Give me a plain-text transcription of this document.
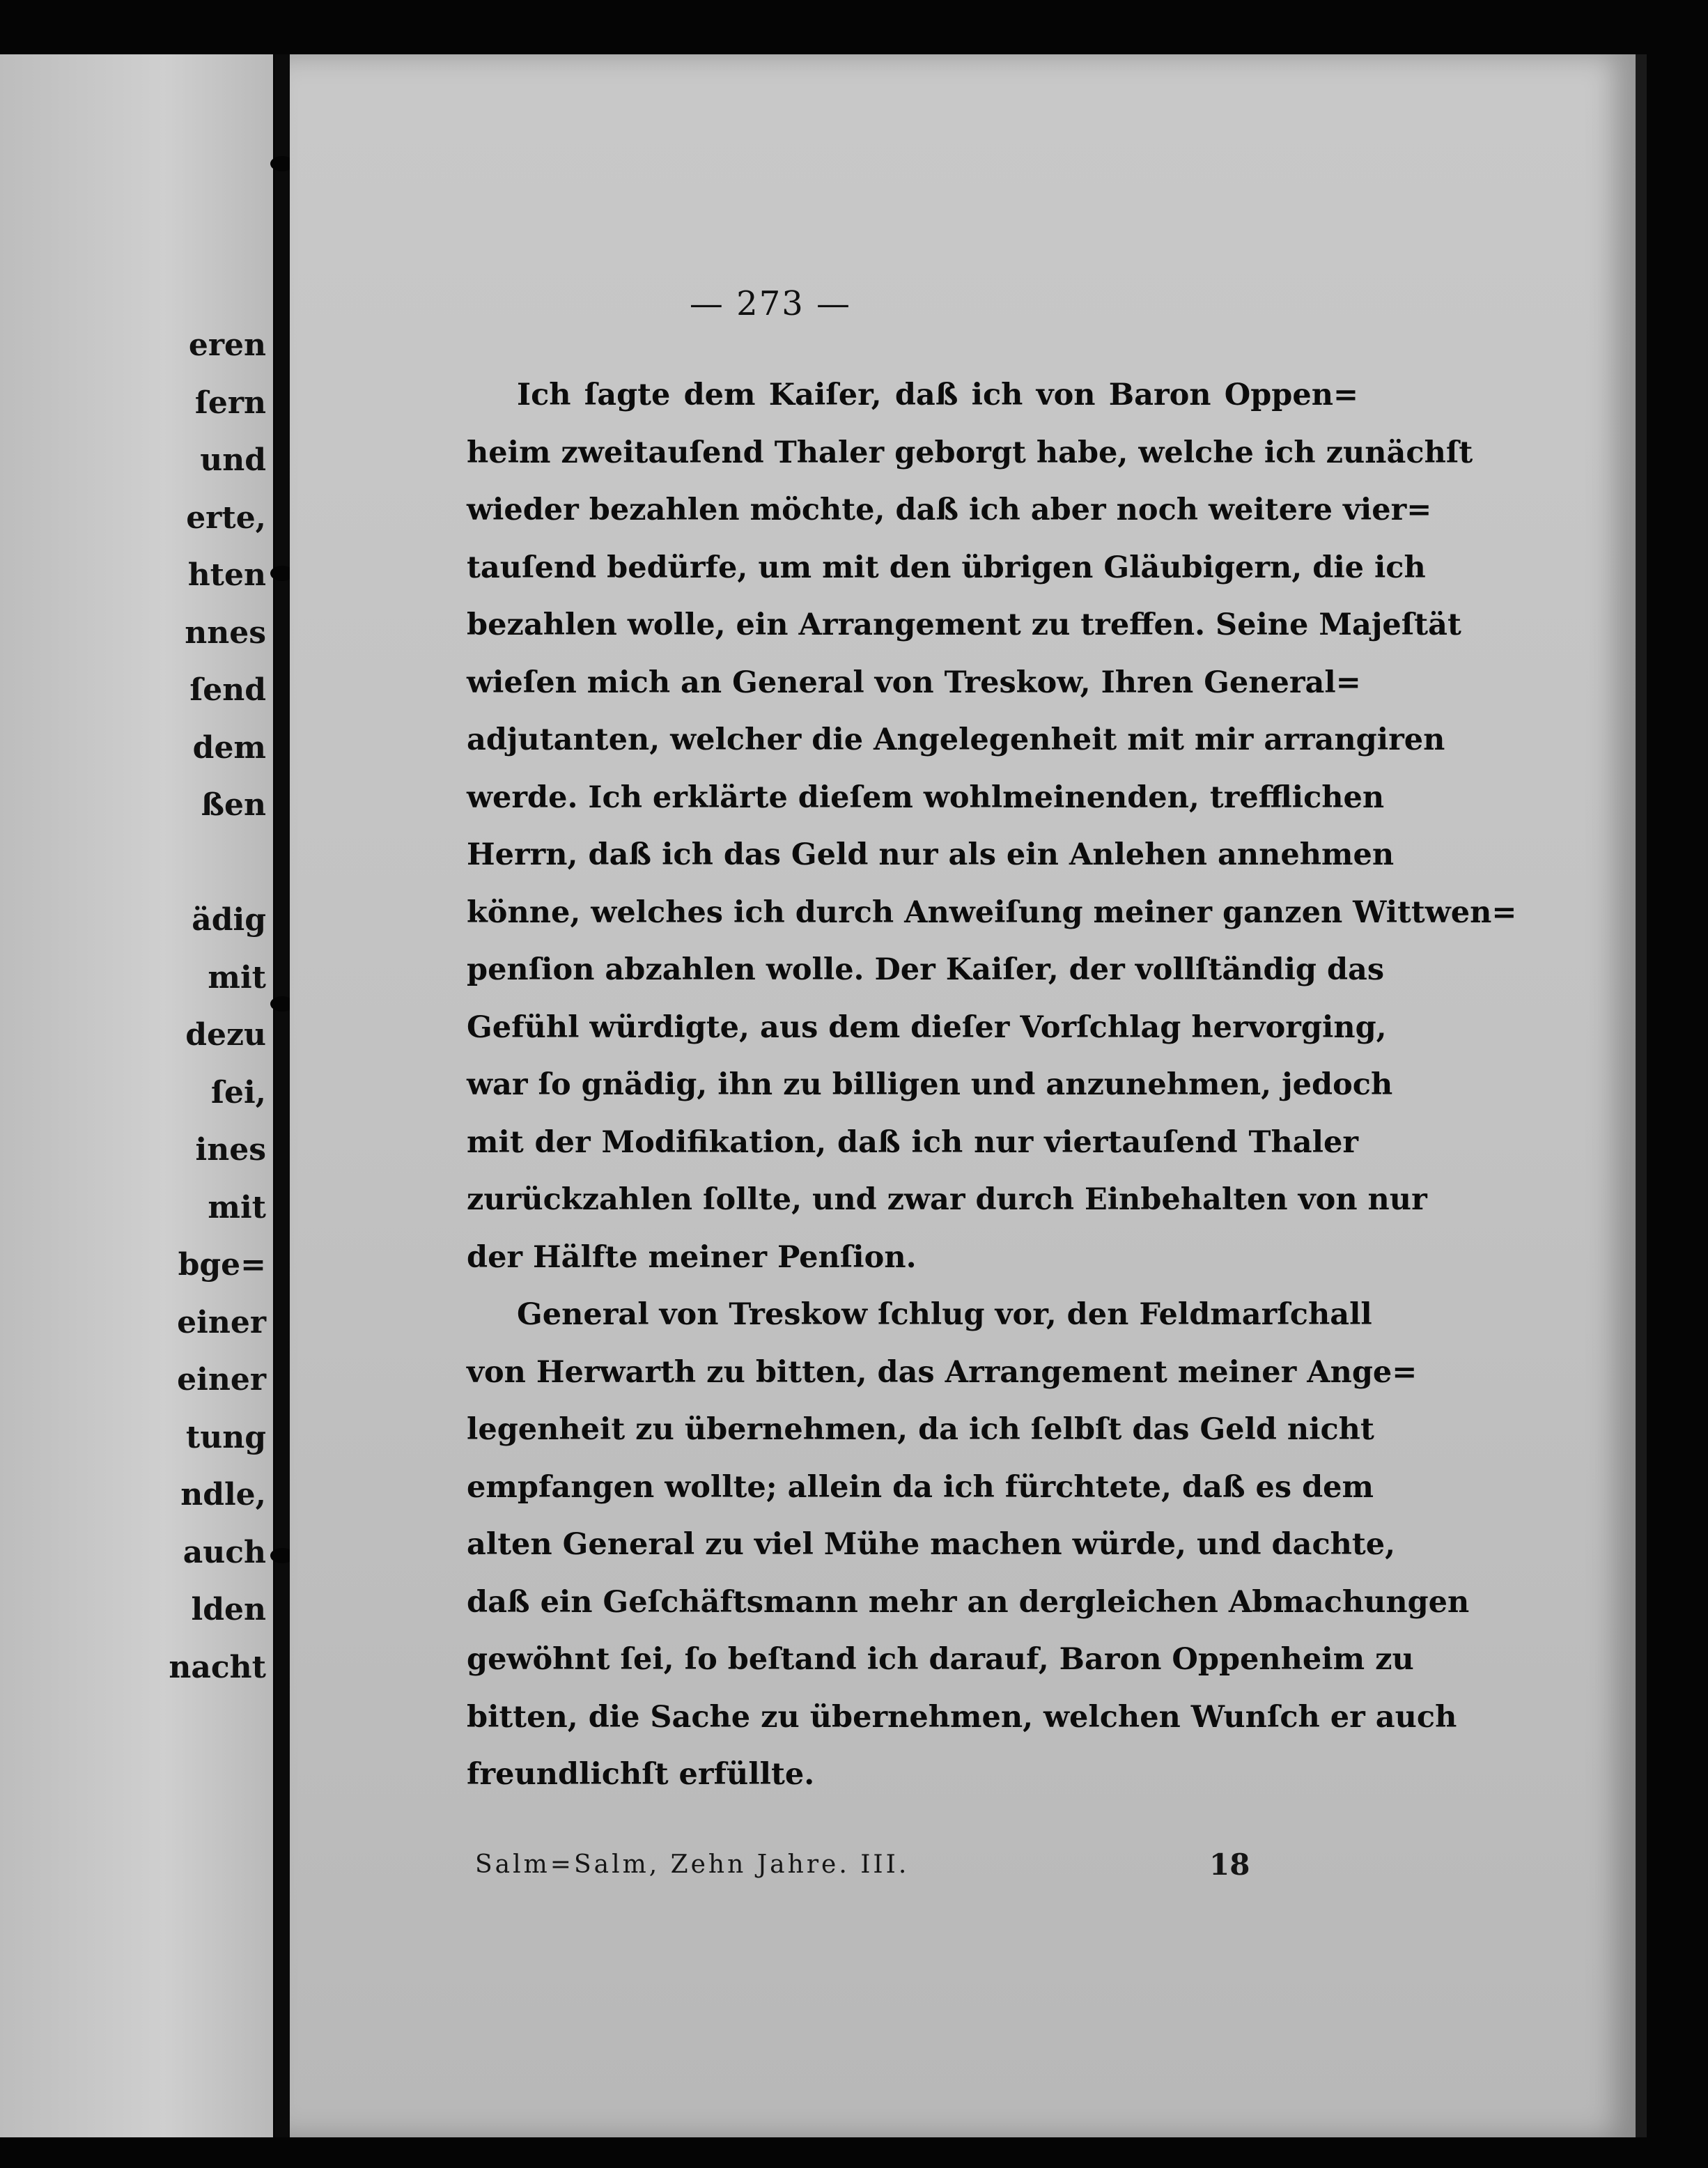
eren
ſern
und
erte,
hten
nnes
ſend
dem
ßen
ädig
mit
dezu
ſei,
ines
mit
bge=
einer
einer
tung
ndle,
auch
lden
nacht
— 273 —
Ich ſagte dem Kaiſer, daß ich von Baron Oppen=
heim zweitauſend Thaler geborgt habe, welche ich zunächſt
wieder bezahlen möchte, daß ich aber noch weitere vier=
tauſend bedürfe, um mit den übrigen Gläubigern, die ich
bezahlen wolle, ein Arrangement zu treffen. Seine Majeſtät
wieſen mich an General von Treskow, Ihren General=
adjutanten, welcher die Angelegenheit mit mir arrangiren
werde. Ich erklärte dieſem wohlmeinenden, trefflichen
Herrn, daß ich das Geld nur als ein Anlehen annehmen
könne, welches ich durch Anweiſung meiner ganzen Wittwen=
penſion abzahlen wolle. Der Kaiſer, der vollſtändig das
Gefühl würdigte, aus dem dieſer Vorſchlag hervorging,
war ſo gnädig, ihn zu billigen und anzunehmen, jedoch
mit der Modifikation, daß ich nur viertauſend Thaler
zurückzahlen ſollte, und zwar durch Einbehalten von nur
der Hälfte meiner Penſion.
General von Treskow ſchlug vor, den Feldmarſchall
von Herwarth zu bitten, das Arrangement meiner Ange=
legenheit zu übernehmen, da ich ſelbſt das Geld nicht
empfangen wollte; allein da ich fürchtete, daß es dem
alten General zu viel Mühe machen würde, und dachte,
daß ein Geſchäftsmann mehr an dergleichen Abmachungen
gewöhnt ſei, ſo beſtand ich darauf, Baron Oppenheim zu
bitten, die Sache zu übernehmen, welchen Wunſch er auch
freundlichſt erfüllte.
Salm=Salm, Zehn Jahre. III.	18
